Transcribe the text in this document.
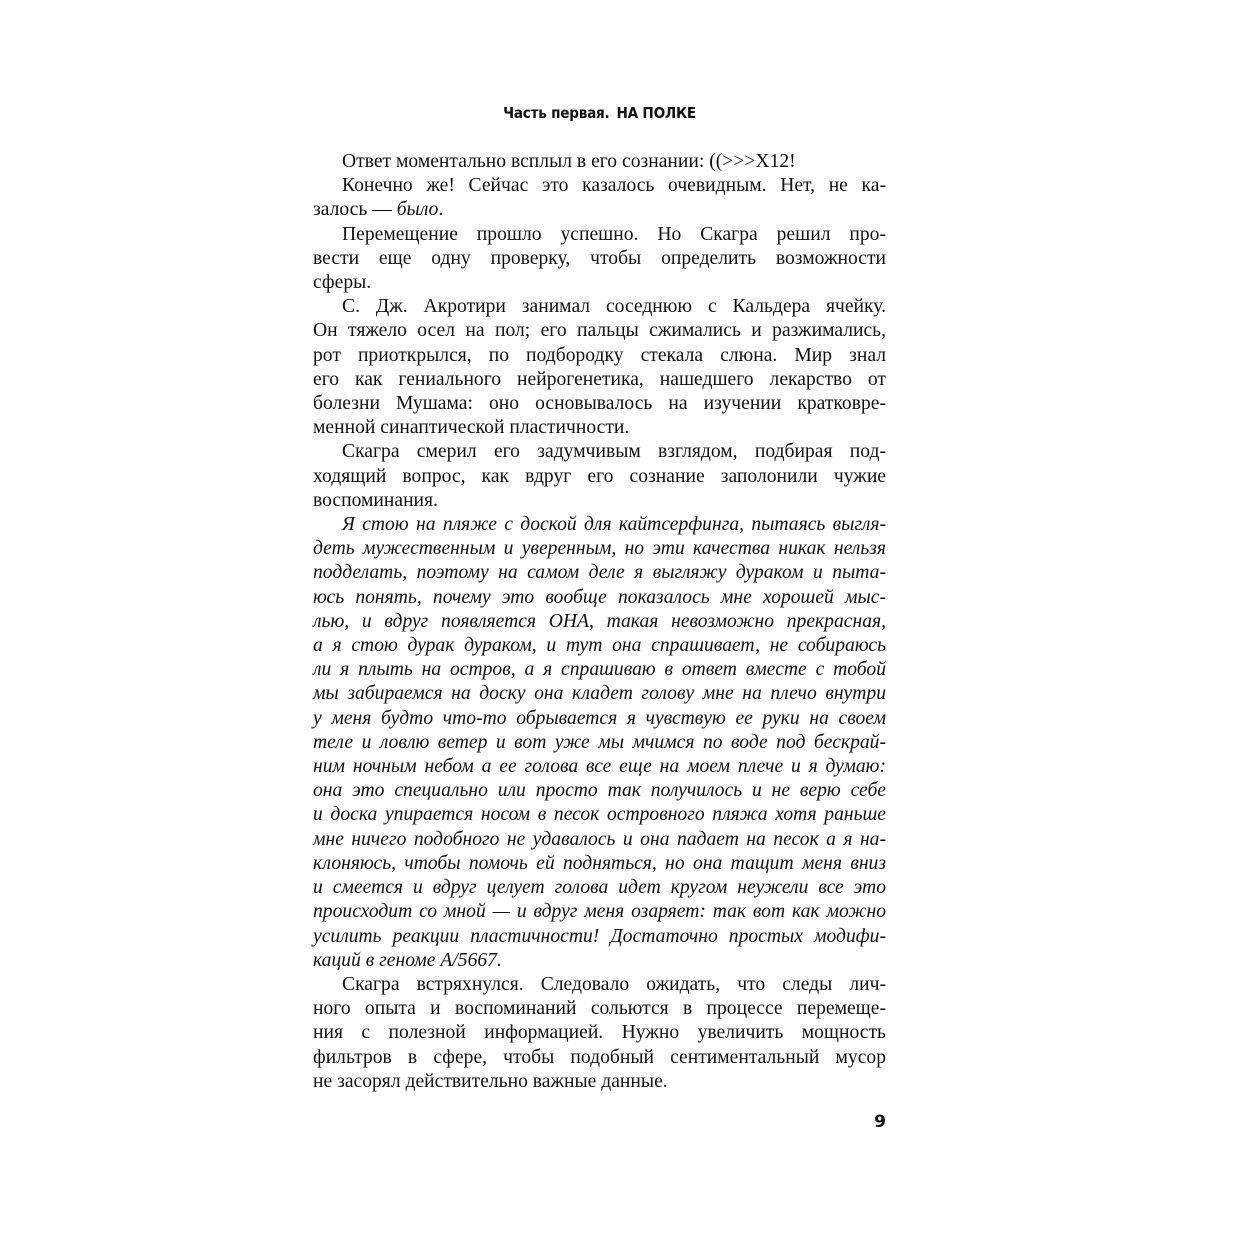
Часть первая. НА ПОЛКЕ
Ответ моментально всплыл в его сознании: ((>>>X12!
Конечно же! Сейчас это казалось очевидным. Нет, не ка-
залось — было.
Перемещение прошло успешно. Но Скагра решил про-
вести еще одну проверку, чтобы определить возможности
сферы.
С. Дж. Акротири занимал соседнюю с Кальдера ячейку.
Он тяжело осел на пол; его пальцы сжимались и разжимались,
рот приоткрылся, по подбородку стекала слюна. Мир знал
его как гениального нейрогенетика, нашедшего лекарство от
болезни Мушама: оно основывалось на изучении кратковре-
менной синаптической пластичности.
Скагра смерил его задумчивым взглядом, подбирая под-
ходящий вопрос, как вдруг его сознание заполонили чужие
воспоминания.
Я стою на пляже с доской для кайтсерфинга, пытаясь выгля-
деть мужественным и уверенным, но эти качества никак нельзя
подделать, поэтому на самом деле я выгляжу дураком и пыта-
юсь понять, почему это вообще показалось мне хорошей мыс-
лью, и вдруг появляется ОНА, такая невозможно прекрасная,
а я стою дурак дураком, и тут она спрашивает, не собираюсь
ли я плыть на остров, а я спрашиваю в ответ вместе с тобой
мы забираемся на доску она кладет голову мне на плечо внутри
у меня будто что-то обрывается я чувствую ее руки на своем
теле и ловлю ветер и вот уже мы мчимся по воде под бескрай-
ним ночным небом а ее голова все еще на моем плече и я думаю:
она это специально или просто так получилось и не верю себе
и доска упирается носом в песок островного пляжа хотя раньше
мне ничего подобного не удавалось и она падает на песок а я на-
клоняюсь, чтобы помочь ей подняться, но она тащит меня вниз
и смеется и вдруг целует голова идет кругом неужели все это
происходит со мной — и вдруг меня озаряет: так вот как можно
усилить реакции пластичности! Достаточно простых модифи-
каций в геноме A/5667.
Скагра встряхнулся. Следовало ожидать, что следы лич-
ного опыта и воспоминаний сольются в процессе перемеще-
ния с полезной информацией. Нужно увеличить мощность
фильтров в сфере, чтобы подобный сентиментальный мусор
не засорял действительно важные данные.
9
